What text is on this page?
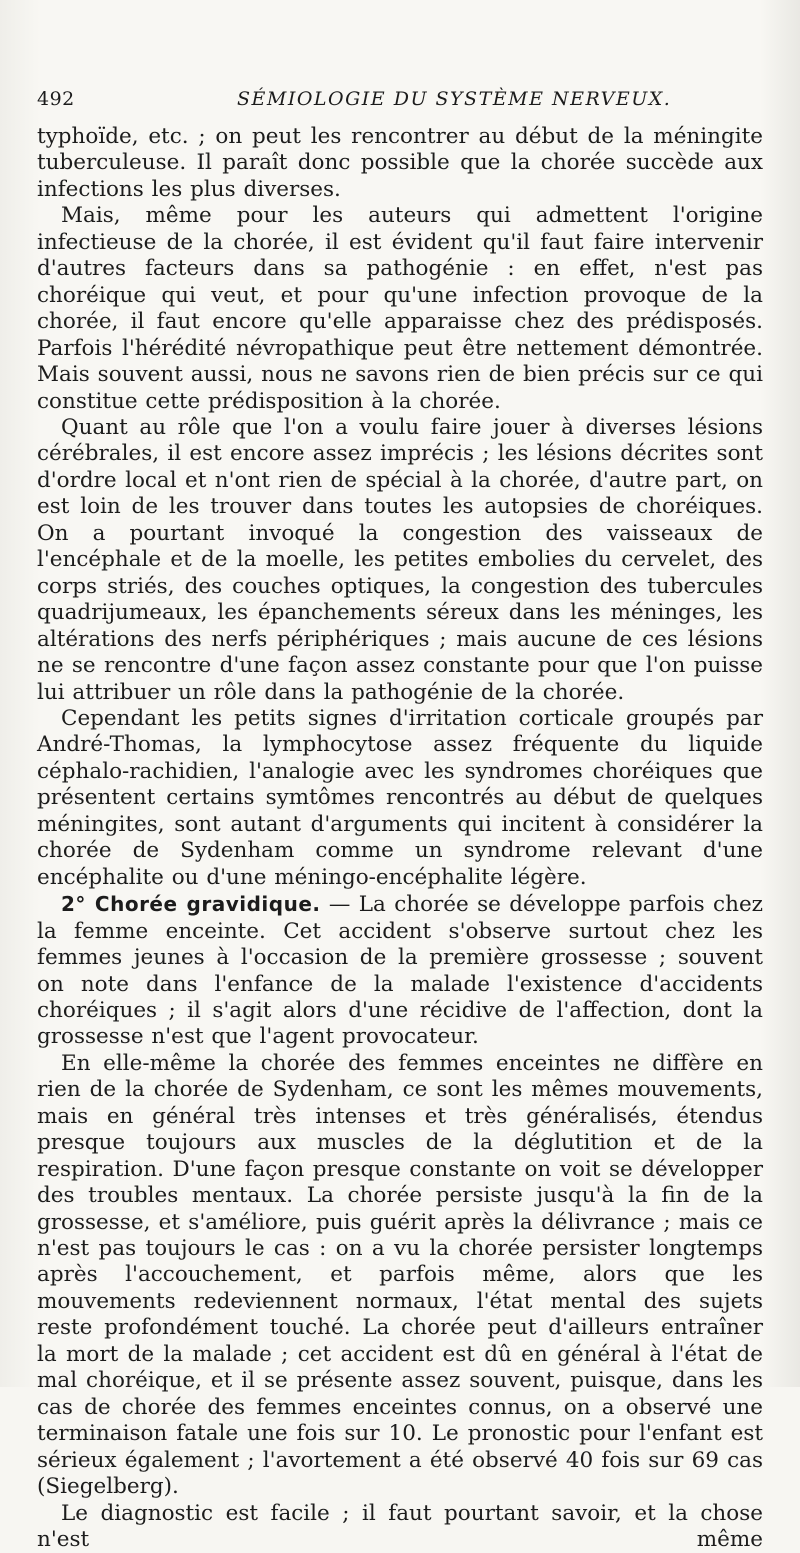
492	SÉMIOLOGIE DU SYSTÈME NERVEUX.

typhoïde, etc. ; on peut les rencontrer au début de la méningite tuberculeuse. Il paraît donc possible que la chorée succède aux infections les plus diverses.

Mais, même pour les auteurs qui admettent l'origine infectieuse de la chorée, il est évident qu'il faut faire intervenir d'autres facteurs dans sa pathogénie : en effet, n'est pas choréique qui veut, et pour qu'une infection provoque de la chorée, il faut encore qu'elle apparaisse chez des prédisposés. Parfois l'hérédité névropathique peut être nettement démontrée. Mais souvent aussi, nous ne savons rien de bien précis sur ce qui constitue cette prédisposition à la chorée.

Quant au rôle que l'on a voulu faire jouer à diverses lésions cérébrales, il est encore assez imprécis ; les lésions décrites sont d'ordre local et n'ont rien de spécial à la chorée, d'autre part, on est loin de les trouver dans toutes les autopsies de choréiques. On a pourtant invoqué la congestion des vaisseaux de l'encéphale et de la moelle, les petites embolies du cervelet, des corps striés, des couches optiques, la congestion des tubercules quadrijumeaux, les épanchements séreux dans les méninges, les altérations des nerfs périphériques ; mais aucune de ces lésions ne se rencontre d'une façon assez constante pour que l'on puisse lui attribuer un rôle dans la pathogénie de la chorée.

Cependant les petits signes d'irritation corticale groupés par André-Thomas, la lymphocytose assez fréquente du liquide céphalo-rachidien, l'analogie avec les syndromes choréiques que présentent certains symtômes rencontrés au début de quelques méningites, sont autant d'arguments qui incitent à considérer la chorée de Sydenham comme un syndrome relevant d'une encéphalite ou d'une méningo-encéphalite légère.

2° Chorée gravidique. — La chorée se développe parfois chez la femme enceinte. Cet accident s'observe surtout chez les femmes jeunes à l'occasion de la première grossesse ; souvent on note dans l'enfance de la malade l'existence d'accidents choréiques ; il s'agit alors d'une récidive de l'affection, dont la grossesse n'est que l'agent provocateur.

En elle-même la chorée des femmes enceintes ne diffère en rien de la chorée de Sydenham, ce sont les mêmes mouvements, mais en général très intenses et très généralisés, étendus presque toujours aux muscles de la déglutition et de la respiration. D'une façon presque constante on voit se développer des troubles mentaux. La chorée persiste jusqu'à la fin de la grossesse, et s'améliore, puis guérit après la délivrance ; mais ce n'est pas toujours le cas : on a vu la chorée persister longtemps après l'accouchement, et parfois même, alors que les mouvements redeviennent normaux, l'état mental des sujets reste profondément touché. La chorée peut d'ailleurs entraîner la mort de la malade ; cet accident est dû en général à l'état de mal choréique, et il se présente assez souvent, puisque, dans les cas de chorée des femmes enceintes connus, on a observé une terminaison fatale une fois sur 10. Le pronostic pour l'enfant est sérieux également ; l'avortement a été observé 40 fois sur 69 cas (Siegelberg).

Le diagnostic est facile ; il faut pourtant savoir, et la chose n'est même
